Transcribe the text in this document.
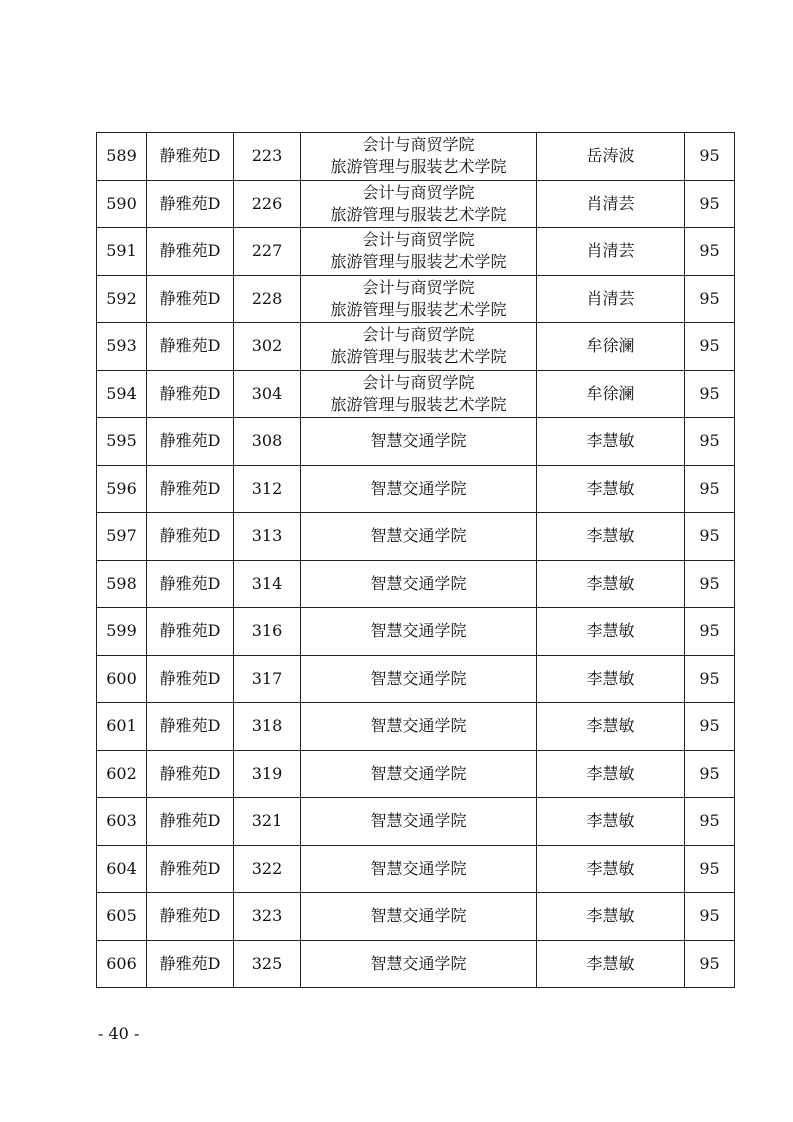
589	静雅苑D	223	会计与商贸学院
旅游管理与服装艺术学院	岳涛波	95
590	静雅苑D	226	会计与商贸学院
旅游管理与服装艺术学院	肖清芸	95
591	静雅苑D	227	会计与商贸学院
旅游管理与服装艺术学院	肖清芸	95
592	静雅苑D	228	会计与商贸学院
旅游管理与服装艺术学院	肖清芸	95
593	静雅苑D	302	会计与商贸学院
旅游管理与服装艺术学院	牟徐澜	95
594	静雅苑D	304	会计与商贸学院
旅游管理与服装艺术学院	牟徐澜	95
595	静雅苑D	308	智慧交通学院	李慧敏	95
596	静雅苑D	312	智慧交通学院	李慧敏	95
597	静雅苑D	313	智慧交通学院	李慧敏	95
598	静雅苑D	314	智慧交通学院	李慧敏	95
599	静雅苑D	316	智慧交通学院	李慧敏	95
600	静雅苑D	317	智慧交通学院	李慧敏	95
601	静雅苑D	318	智慧交通学院	李慧敏	95
602	静雅苑D	319	智慧交通学院	李慧敏	95
603	静雅苑D	321	智慧交通学院	李慧敏	95
604	静雅苑D	322	智慧交通学院	李慧敏	95
605	静雅苑D	323	智慧交通学院	李慧敏	95
606	静雅苑D	325	智慧交通学院	李慧敏	95
- 40 -
